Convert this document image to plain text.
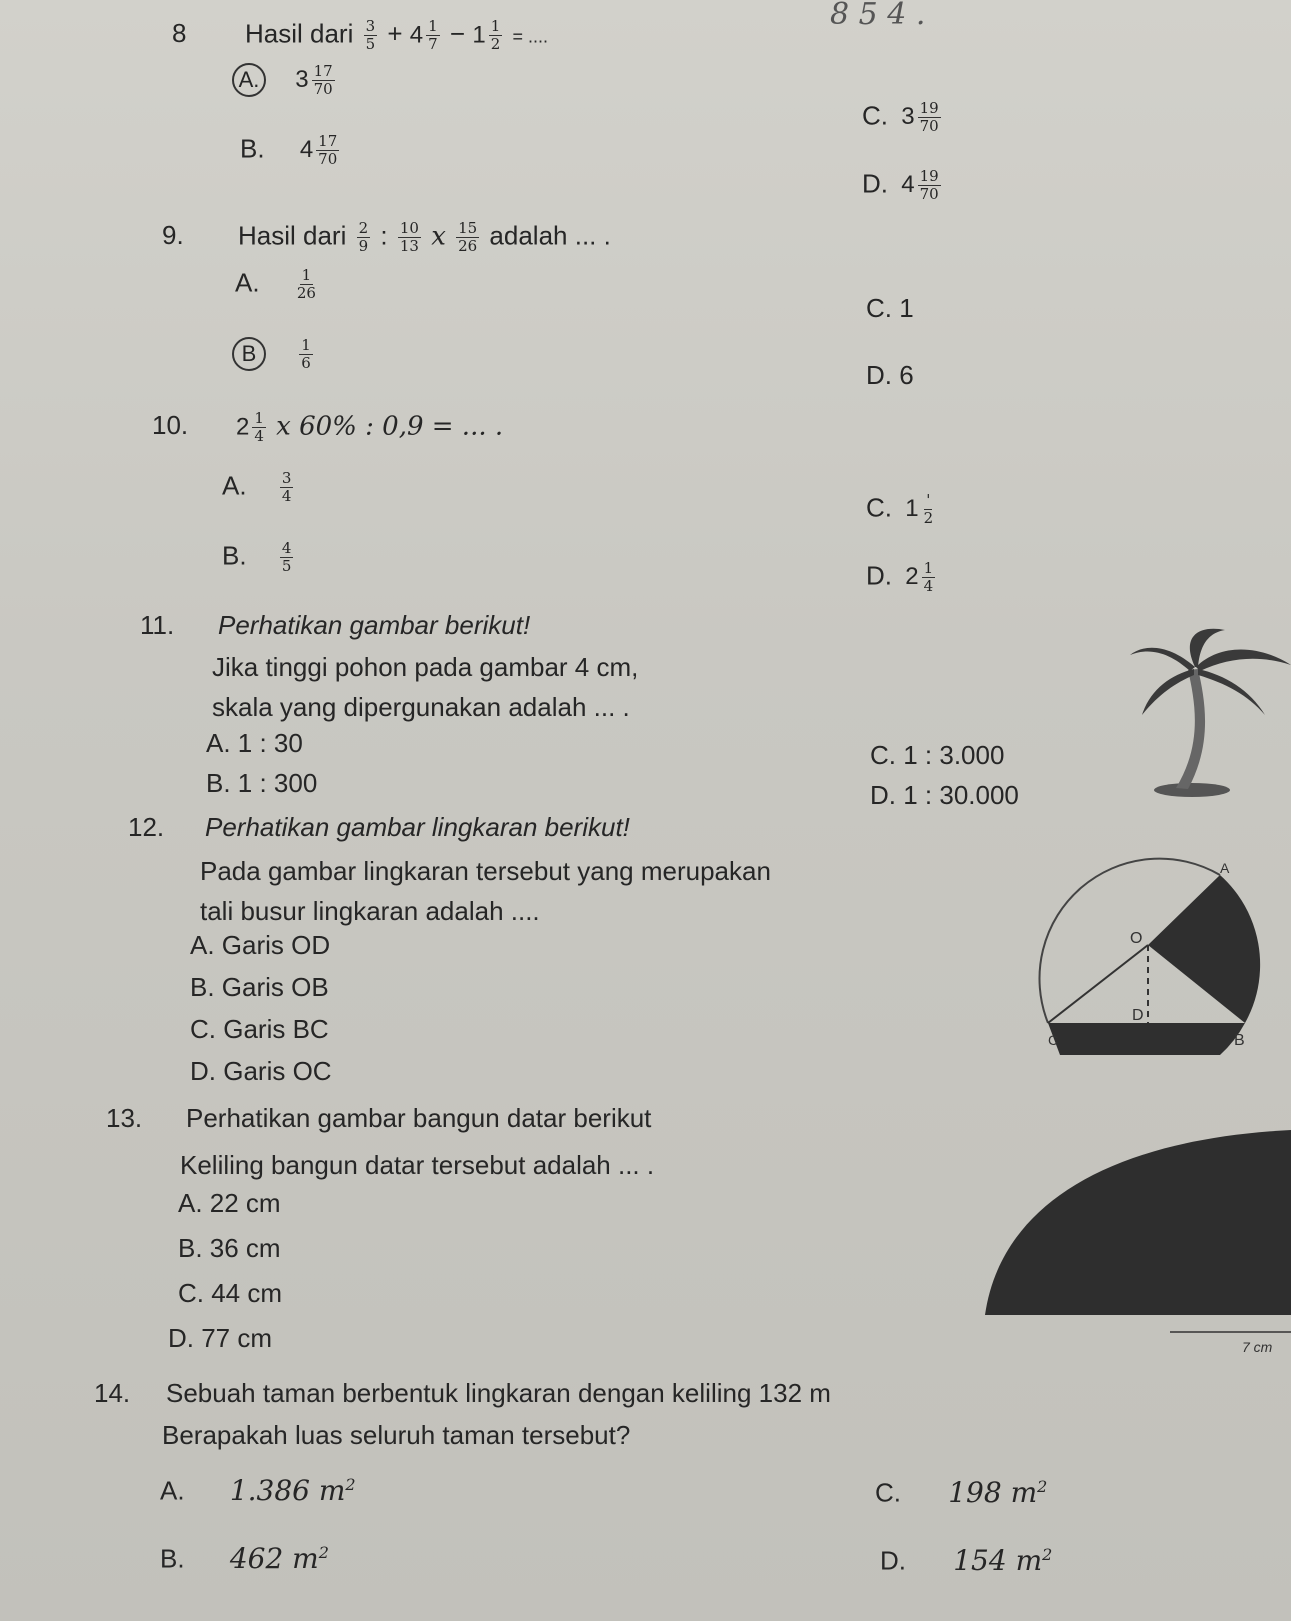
8 Hasil dari $\frac{3}{5} + 4 \frac{1}{7} - 1 \frac{1}{2}$ = ....
8 5 4 .
A. $3 \frac{17}{70}$
B. $4 \frac{17}{70}$
C. $3 \frac{19}{70}$
D. $4 \frac{19}{70}$
9. Hasil dari $\frac{2}{9}$ : $\frac{10}{13}$ x $\frac{15}{26}$ adalah ... .
A. $\frac{1}{26}$
B	$\frac{1}{6}$
C. 1
D. 6
10. $2 \frac{1}{4}$ x 60% : 0,9 = ... .
A. $\frac{3}{4}$
B. $\frac{4}{5}$
C. $1 \frac{'}{2}$
D. $2 \frac{1}{4}$
11. Perhatikan gambar berikut!
Jika tinggi pohon pada gambar 4 cm,
skala yang dipergunakan adalah ... .
A. 1 : 30
B. 1 : 300
C. 1 : 3.000
D. 1 : 30.000
12. Perhatikan gambar lingkaran berikut!
Pada gambar lingkaran tersebut yang merupakan
tali busur lingkaran adalah ....
A. Garis OD
B. Garis OB
C. Garis BC
D. Garis OC
A
O
D
C	B
13. Perhatikan gambar bangun datar berikut
Keliling bangun datar tersebut adalah ... .
A. 22 cm
B. 36 cm
C. 44 cm
D. 77 cm	7 cm
14. Sebuah taman berbentuk lingkaran dengan keliling 132 m
Berapakah luas seluruh taman tersebut?
A. 1.386 $m^2$
B. 462 $m^2$
C. 198 $m^2$
D. 154 $m^2$
